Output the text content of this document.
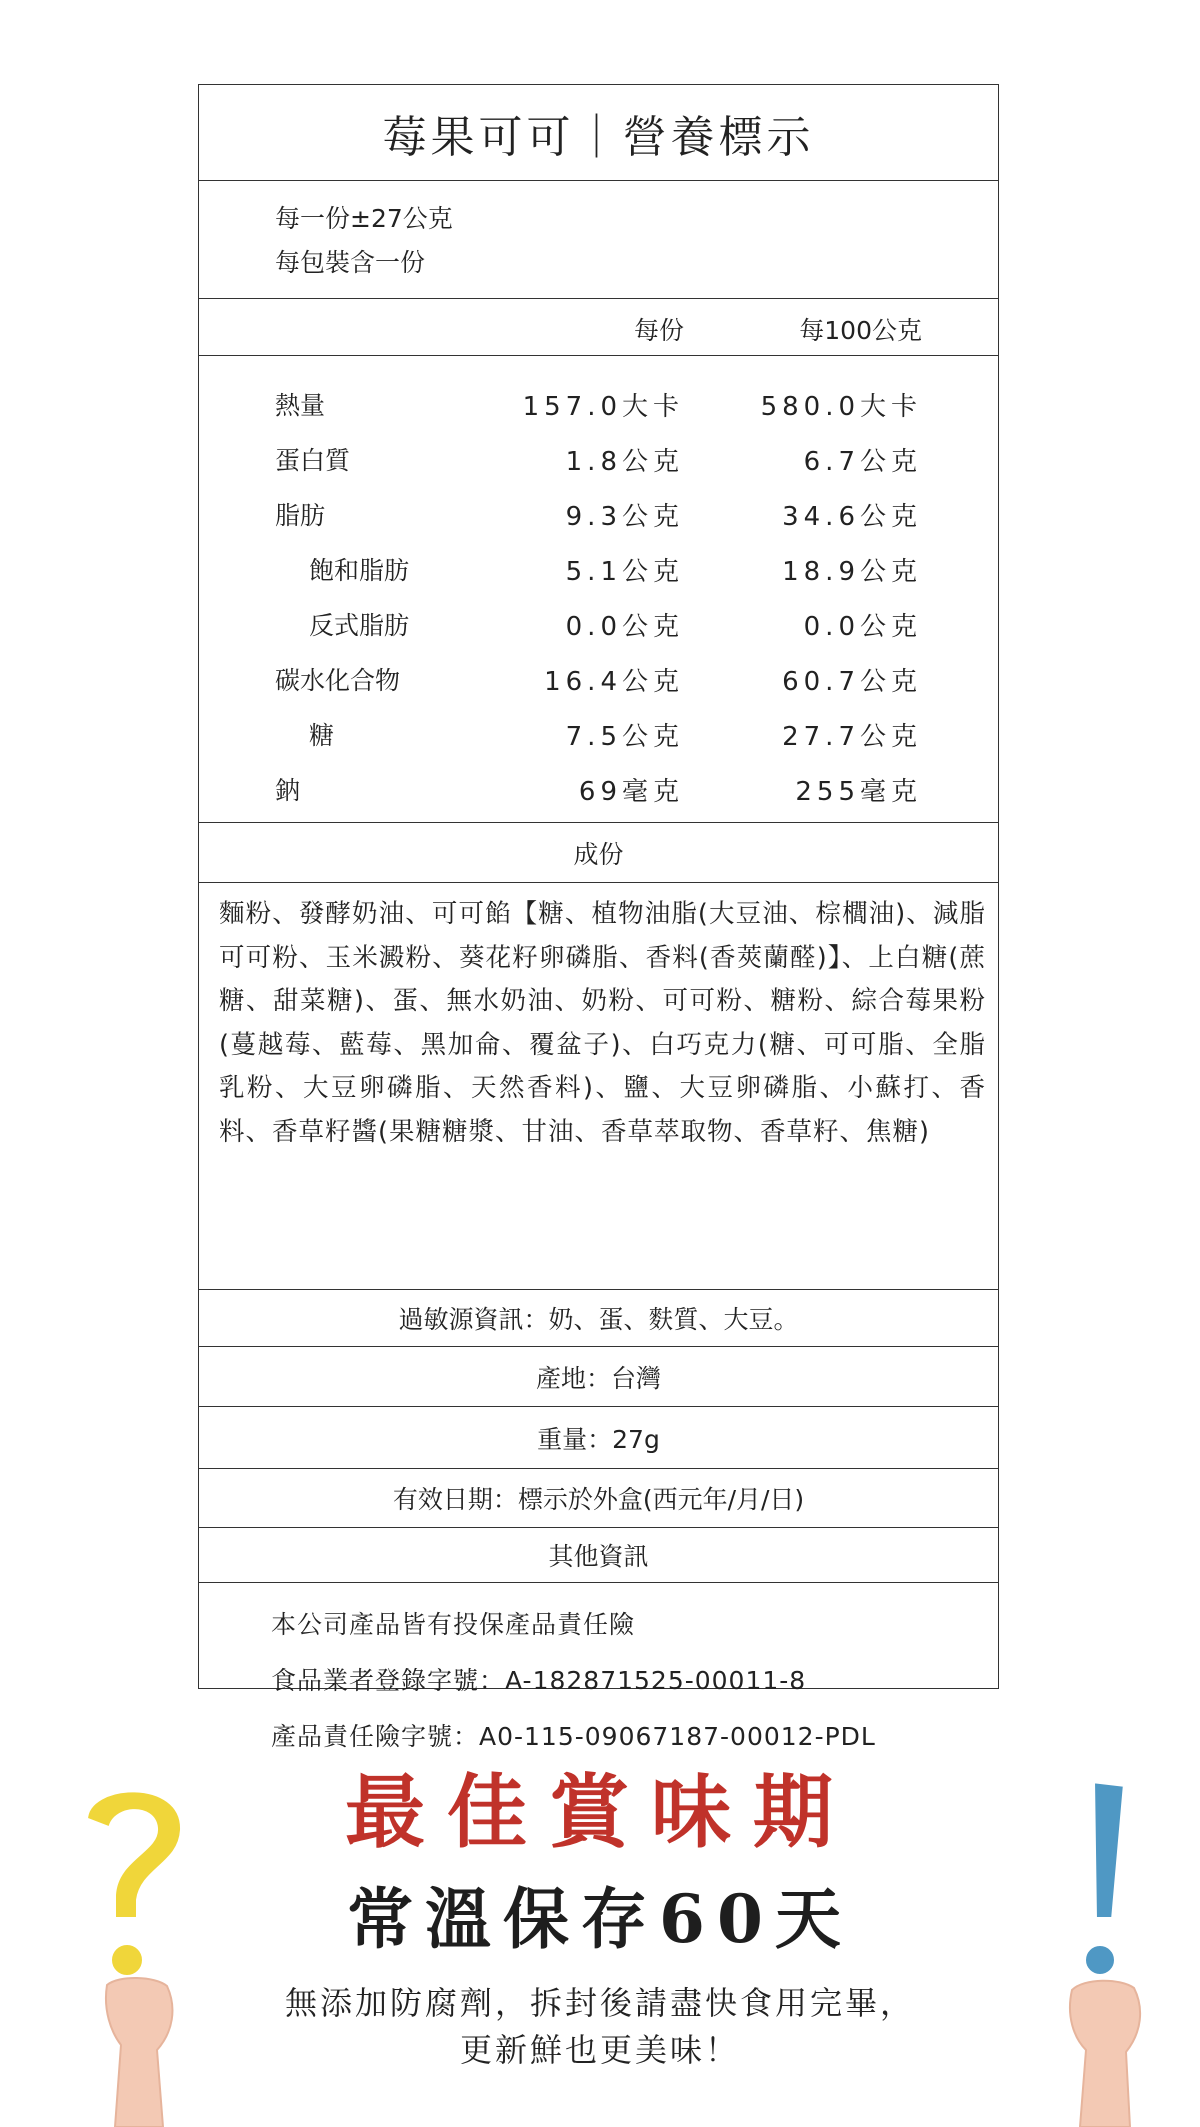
莓果可可｜營養標示
每一份±27公克
每包裝含一份
每份	每100公克
熱量	157.0大卡	580.0大卡
蛋白質	1.8公克	6.7公克
脂肪	9.3公克	34.6公克
飽和脂肪	5.1公克	18.9公克
反式脂肪	0.0公克	0.0公克
碳水化合物	16.4公克	60.7公克
糖	7.5公克	27.7公克
鈉	69毫克	255毫克
成份
麵粉、發酵奶油、可可餡【糖、植物油脂(大豆油、棕櫚油)、減脂可可粉、玉米澱粉、葵花籽卵磷脂、香料(香莢蘭醛)】、上白糖(蔗糖、甜菜糖)、蛋、無水奶油、奶粉、可可粉、糖粉、綜合莓果粉(蔓越莓、藍莓、黑加侖、覆盆子)、白巧克力(糖、可可脂、全脂乳粉、大豆卵磷脂、天然香料)、鹽、大豆卵磷脂、小蘇打、香料、香草籽醬(果糖糖漿、甘油、香草萃取物、香草籽、焦糖)
過敏源資訊：奶、蛋、麩質、大豆。
產地：台灣
重量：27g
有效日期：標示於外盒(西元年/月/日)
其他資訊
本公司產品皆有投保產品責任險
食品業者登錄字號：A-182871525-00011-8
產品責任險字號：A0-115-09067187-00012-PDL
最佳賞味期
常溫保存60天
無添加防腐劑，拆封後請盡快食用完畢，
更新鮮也更美味！
